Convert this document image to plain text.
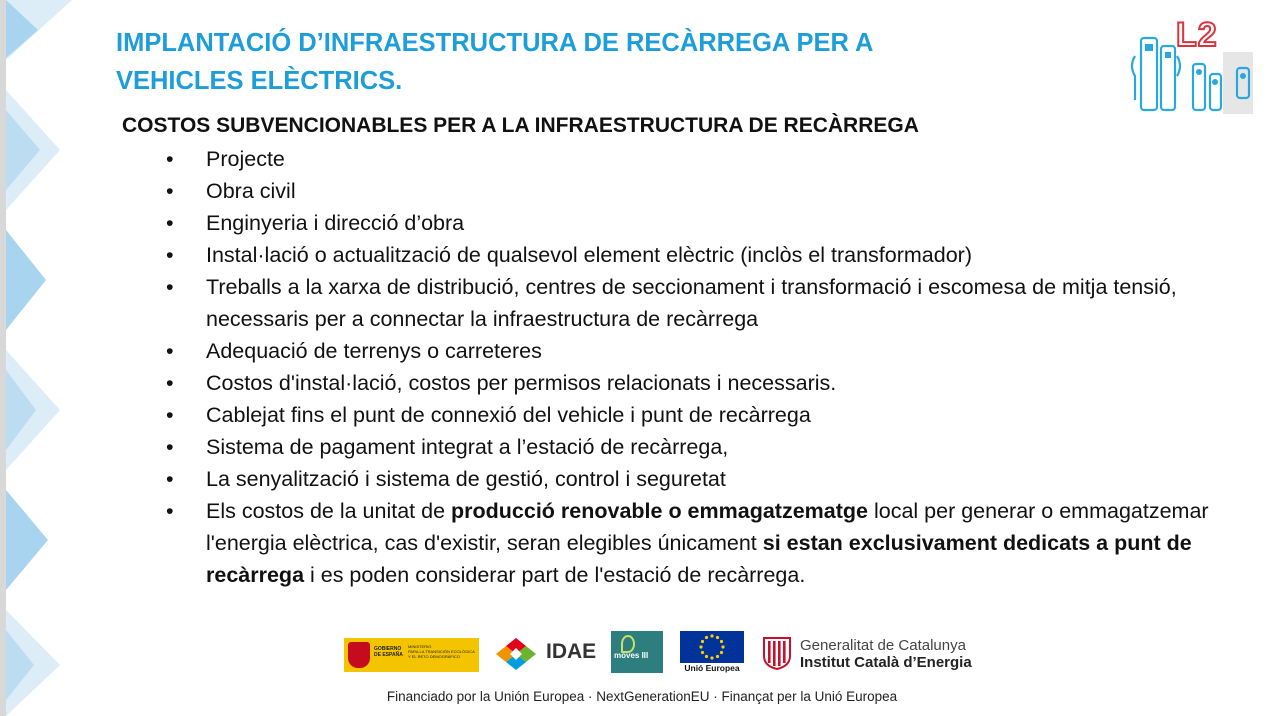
IMPLANTACIÓ D’INFRAESTRUCTURA DE RECÀRREGA PER A
VEHICLES ELÈCTRICS.
L2
COSTOS SUBVENCIONABLES PER A LA INFRAESTRUCTURA DE RECÀRREGA
•	Projecte
•	Obra civil
•	Enginyeria i direcció d’obra
•	Instal·lació o actualització de qualsevol element elèctric (inclòs el transformador)
•	Treballs a la xarxa de distribució, centres de seccionament i transformació i escomesa de mitja tensió, necessaris per a connectar la infraestructura de recàrrega
•	Adequació de terrenys o carreteres
•	Costos d'instal·lació, costos per permisos relacionats i necessaris.
•	Cablejat fins el punt de connexió del vehicle i punt de recàrrega
•	Sistema de pagament integrat a l’estació de recàrrega,
•	La senyalització i sistema de gestió, control i seguretat
•	Els costos de la unitat de producció renovable o emmagatzematge local per generar o emmagatzemar l'energia elèctrica, cas d'existir, seran elegibles únicament si estan exclusivament dedicats a punt de recàrrega i es poden considerar part de l'estació de recàrrega.
GOBIERNO
DE ESPAÑA
MINISTERIO
PARA LA TRANSICIÓN ECOLÓGICA
Y EL RETO DEMOGRÁFICO	IDAE moves III
Unió Europea
Generalitat de Catalunya
Institut Català d’Energia
Financiado por la Unión Europea · NextGenerationEU · Finançat per la Unió Europea
